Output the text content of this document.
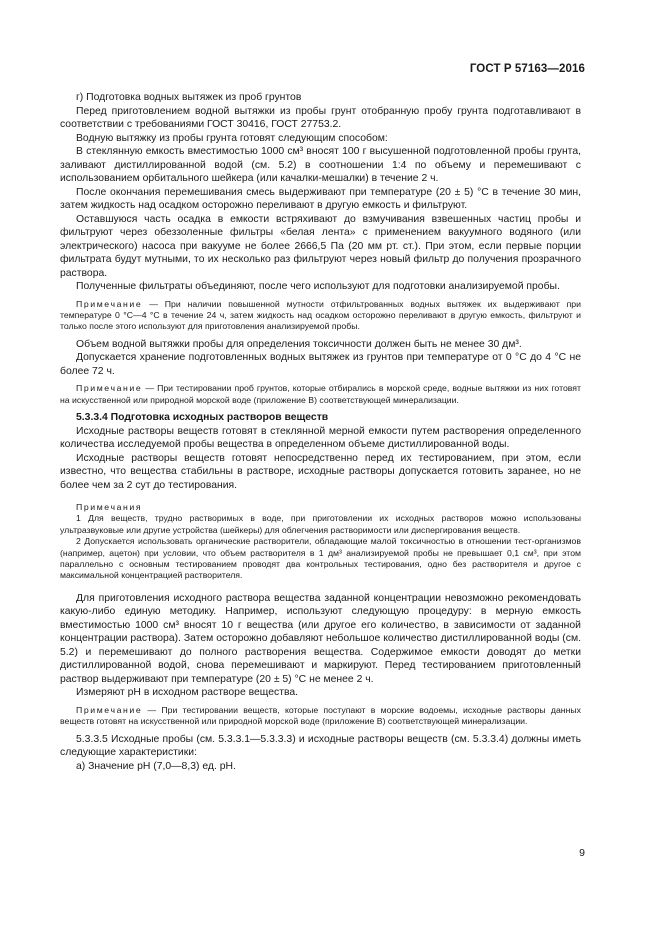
ГОСТ Р 57163—2016

г) Подготовка водных вытяжек из проб грунтов

Перед приготовлением водной вытяжки из пробы грунт отобранную пробу грунта подготавливают в соответствии с требованиями ГОСТ 30416, ГОСТ 27753.2.

Водную вытяжку из пробы грунта готовят следующим способом:

В стеклянную емкость вместимостью 1000 см³ вносят 100 г высушенной подготовленной пробы грунта, заливают дистиллированной водой (см. 5.2) в соотношении 1:4 по объему и перемешивают с использованием орбитального шейкера (или качалки-мешалки) в течение 2 ч.

После окончания перемешивания смесь выдерживают при температуре (20 ± 5) °С в течение 30 мин, затем жидкость над осадком осторожно переливают в другую емкость и фильтруют.

Оставшуюся часть осадка в емкости встряхивают до взмучивания взвешенных частиц пробы и фильтруют через обеззоленные фильтры «белая лента» с применением вакуумного водяного (или электрического) насоса при вакууме не более 2666,5 Па (20 мм рт. ст.). При этом, если первые порции фильтрата будут мутными, то их несколько раз фильтруют через новый фильтр до получения прозрачного раствора.

Полученные фильтраты объединяют, после чего используют для подготовки анализируемой пробы.

Примечание — При наличии повышенной мутности отфильтрованных водных вытяжек их выдерживают при температуре 0 °С—4 °С в течение 24 ч, затем жидкость над осадком осторожно переливают в другую емкость, фильтруют и только после этого используют для приготовления анализируемой пробы.

Объем водной вытяжки пробы для определения токсичности должен быть не менее 30 дм³.

Допускается хранение подготовленных водных вытяжек из грунтов при температуре от 0 °С до 4 °С не более 72 ч.

Примечание — При тестировании проб грунтов, которые отбирались в морской среде, водные вытяжки из них готовят на искусственной или природной морской воде (приложение В) соответствующей минерализации.

5.3.3.4 Подготовка исходных растворов веществ

Исходные растворы веществ готовят в стеклянной мерной емкости путем растворения определенного количества исследуемой пробы вещества в определенном объеме дистиллированной воды.

Исходные растворы веществ готовят непосредственно перед их тестированием, при этом, если известно, что вещества стабильны в растворе, исходные растворы допускается готовить заранее, но не более чем за 2 сут до тестирования.

Примечания

1 Для веществ, трудно растворимых в воде, при приготовлении их исходных растворов можно использованы ультразвуковые или другие устройства (шейкеры) для облегчения растворимости или диспергирования веществ.

2 Допускается использовать органические растворители, обладающие малой токсичностью в отношении тест-организмов (например, ацетон) при условии, что объем растворителя в 1 дм³ анализируемой пробы не превышает 0,1 см³, при этом параллельно с основным тестированием проводят два контрольных тестирования, одно без растворителя и другое с максимальной концентрацией растворителя.

Для приготовления исходного раствора вещества заданной концентрации невозможно рекомендовать какую-либо единую методику. Например, используют следующую процедуру: в мерную емкость вместимостью 1000 см³ вносят 10 г вещества (или другое его количество, в зависимости от заданной концентрации раствора). Затем осторожно добавляют небольшое количество дистиллированной воды (см. 5.2) и перемешивают до полного растворения вещества. Содержимое емкости доводят до метки дистиллированной водой, снова перемешивают и маркируют. Перед тестированием приготовленный раствор выдерживают при температуре (20 ± 5) °С не менее 2 ч.

Измеряют рН в исходном растворе вещества.

Примечание — При тестировании веществ, которые поступают в морские водоемы, исходные растворы данных веществ готовят на искусственной или природной морской воде (приложение В) соответствующей минерализации.

5.3.3.5 Исходные пробы (см. 5.3.3.1—5.3.3.3) и исходные растворы веществ (см. 5.3.3.4) должны иметь следующие характеристики:

а) Значение рН (7,0—8,3) ед. рН.

9
